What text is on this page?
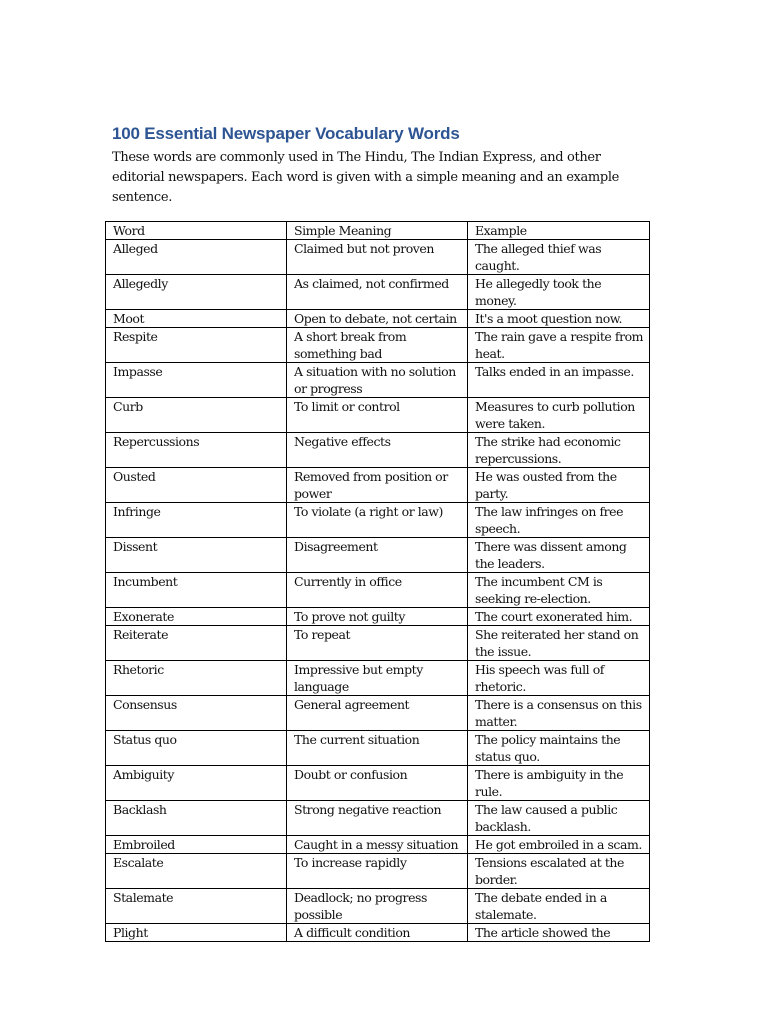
100 Essential Newspaper Vocabulary Words

These words are commonly used in The Hindu, The Indian Express, and other editorial newspapers. Each word is given with a simple meaning and an example sentence.

Word	Simple Meaning	Example
Alleged	Claimed but not proven	The alleged thief was caught.
Allegedly	As claimed, not confirmed	He allegedly took the money.
Moot	Open to debate, not certain	It's a moot question now.
Respite	A short break from something bad	The rain gave a respite from heat.
Impasse	A situation with no solution or progress	Talks ended in an impasse.
Curb	To limit or control	Measures to curb pollution were taken.
Repercussions	Negative effects	The strike had economic repercussions.
Ousted	Removed from position or power	He was ousted from the party.
Infringe	To violate (a right or law)	The law infringes on free speech.
Dissent	Disagreement	There was dissent among the leaders.
Incumbent	Currently in office	The incumbent CM is seeking re-election.
Exonerate	To prove not guilty	The court exonerated him.
Reiterate	To repeat	She reiterated her stand on the issue.
Rhetoric	Impressive but empty language	His speech was full of rhetoric.
Consensus	General agreement	There is a consensus on this matter.
Status quo	The current situation	The policy maintains the status quo.
Ambiguity	Doubt or confusion	There is ambiguity in the rule.
Backlash	Strong negative reaction	The law caused a public backlash.
Embroiled	Caught in a messy situation	He got embroiled in a scam.
Escalate	To increase rapidly	Tensions escalated at the border.
Stalemate	Deadlock; no progress possible	The debate ended in a stalemate.
Plight	A difficult condition	The article showed the
